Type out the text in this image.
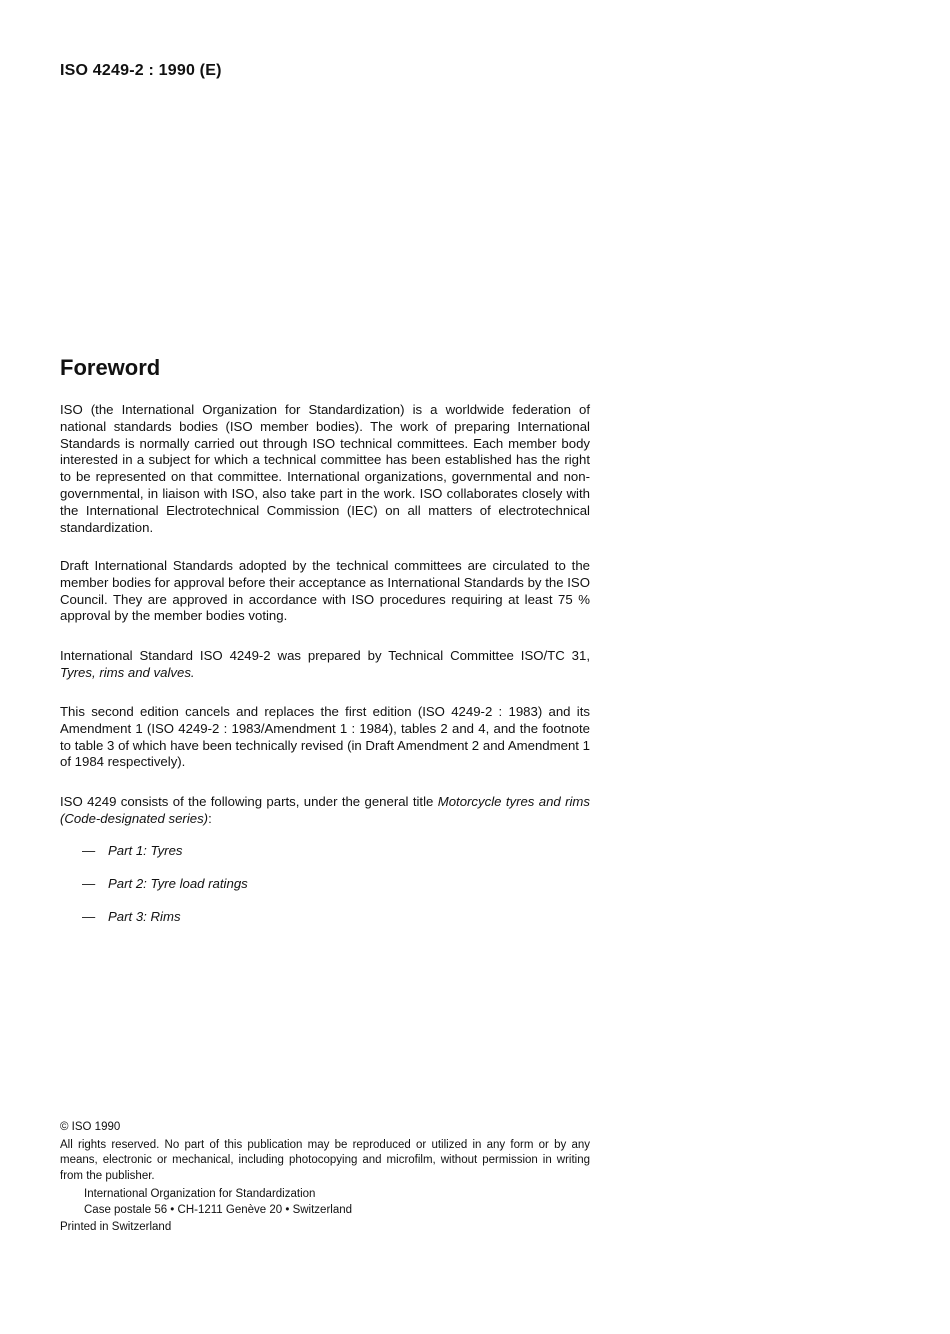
ISO 4249-2 : 1990 (E)
Foreword

ISO (the International Organization for Standardization) is a worldwide federation of national standards bodies (ISO member bodies). The work of preparing International Standards is normally carried out through ISO technical committees. Each member body interested in a subject for which a technical committee has been established has the right to be represented on that committee. International organizations, governmental and non-governmental, in liaison with ISO, also take part in the work. ISO collaborates closely with the International Electrotechnical Commission (IEC) on all matters of electrotechnical standardization.

Draft International Standards adopted by the technical committees are circulated to the member bodies for approval before their acceptance as International Standards by the ISO Council. They are approved in accordance with ISO procedures requiring at least 75 % approval by the member bodies voting.

International Standard ISO 4249-2 was prepared by Technical Committee ISO/TC 31, Tyres, rims and valves.

This second edition cancels and replaces the first edition (ISO 4249-2 : 1983) and its Amendment 1 (ISO 4249-2 : 1983/Amendment 1 : 1984), tables 2 and 4, and the footnote to table 3 of which have been technically revised (in Draft Amendment 2 and Amendment 1 of 1984 respectively).

ISO 4249 consists of the following parts, under the general title Motorcycle tyres and rims (Code-designated series):

— Part 1: Tyres

— Part 2: Tyre load ratings

— Part 3: Rims

© ISO 1990

All rights reserved. No part of this publication may be reproduced or utilized in any form or by any means, electronic or mechanical, including photocopying and microfilm, without permission in writing from the publisher.

International Organization for Standardization

Case postale 56 • CH-1211 Genève 20 • Switzerland

Printed in Switzerland
